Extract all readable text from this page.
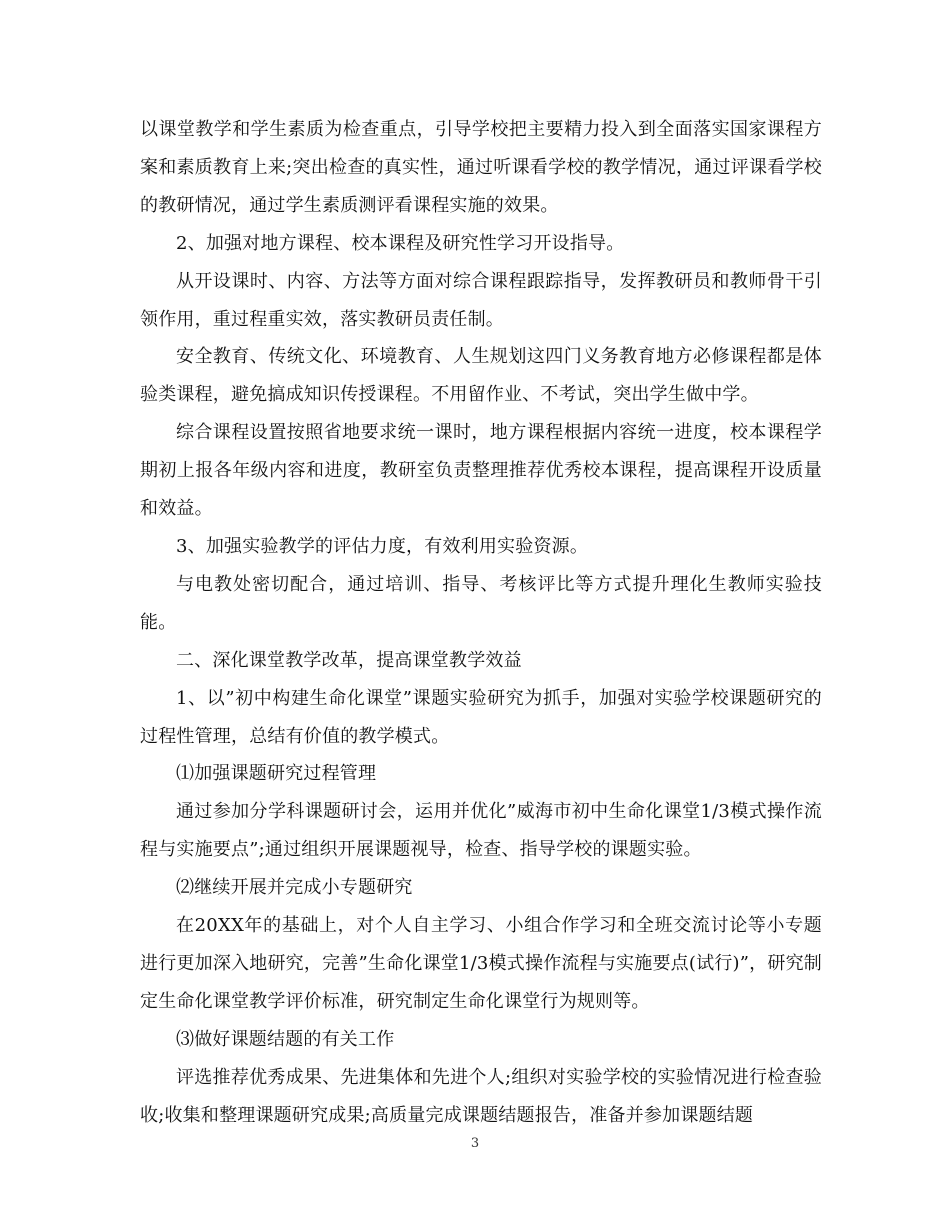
以课堂教学和学生素质为检查重点，引导学校把主要精力投入到全面落实国家课程方案和素质教育上来;突出检查的真实性，通过听课看学校的教学情况，通过评课看学校的教研情况，通过学生素质测评看课程实施的效果。

2、加强对地方课程、校本课程及研究性学习开设指导。

从开设课时、内容、方法等方面对综合课程跟踪指导，发挥教研员和教师骨干引领作用，重过程重实效，落实教研员责任制。

安全教育、传统文化、环境教育、人生规划这四门义务教育地方必修课程都是体验类课程，避免搞成知识传授课程。不用留作业、不考试，突出学生做中学。

综合课程设置按照省地要求统一课时，地方课程根据内容统一进度，校本课程学期初上报各年级内容和进度，教研室负责整理推荐优秀校本课程，提高课程开设质量和效益。

3、加强实验教学的评估力度，有效利用实验资源。

与电教处密切配合，通过培训、指导、考核评比等方式提升理化生教师实验技能。

二、深化课堂教学改革，提高课堂教学效益

1、以”初中构建生命化课堂”课题实验研究为抓手，加强对实验学校课题研究的过程性管理，总结有价值的教学模式。

⑴加强课题研究过程管理

通过参加分学科课题研讨会，运用并优化”威海市初中生命化课堂1/3模式操作流程与实施要点”;通过组织开展课题视导，检查、指导学校的课题实验。

⑵继续开展并完成小专题研究

在20XX年的基础上，对个人自主学习、小组合作学习和全班交流讨论等小专题进行更加深入地研究，完善”生命化课堂1/3模式操作流程与实施要点(试行)”，研究制定生命化课堂教学评价标准，研究制定生命化课堂行为规则等。

⑶做好课题结题的有关工作

评选推荐优秀成果、先进集体和先进个人;组织对实验学校的实验情况进行检查验收;收集和整理课题研究成果;高质量完成课题结题报告，准备并参加课题结题

3
